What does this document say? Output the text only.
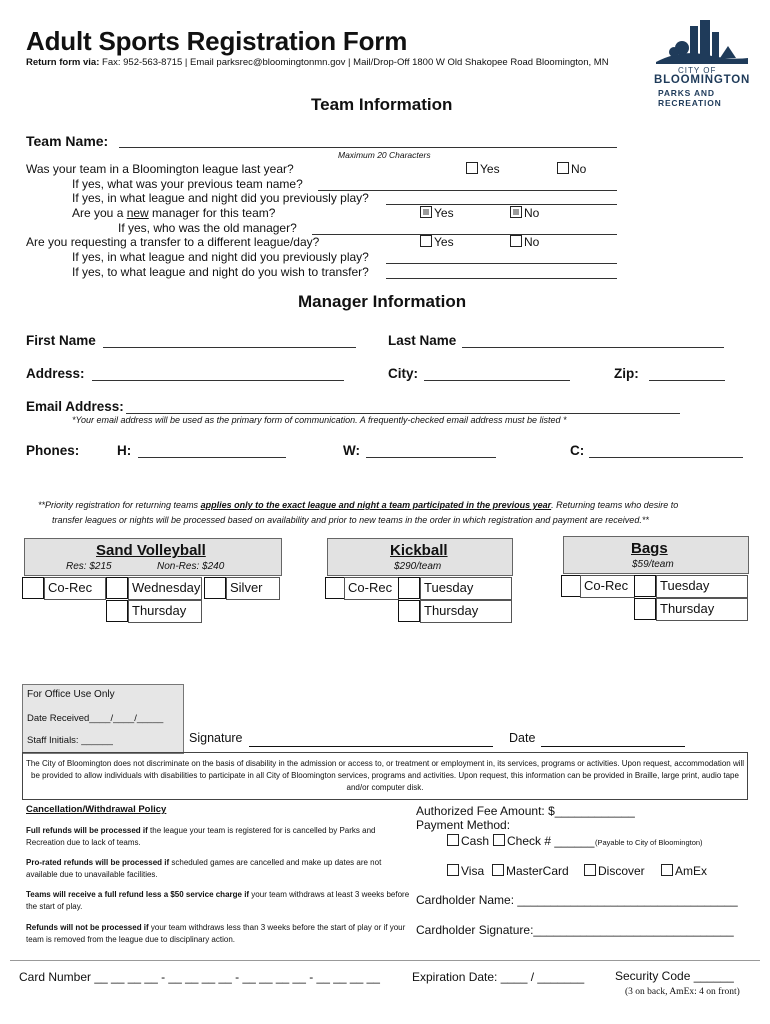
Adult Sports Registration Form
Return form via: Fax: 952-563-8715 | Email parksrec@bloomingtonmn.gov | Mail/Drop-Off 1800 W Old Shakopee Road Bloomington, MN
CITY OF
BLOOMINGTON
PARKS AND
RECREATION
Team Information
Team Name:
Maximum 20 Characters
Was your team in a Bloomington league last year?	Yes	No
If yes, what was your previous team name?
If yes, in what league and night did you previously play?
Are you a new manager for this team?	Yes	No
If yes, who was the old manager?
Are you requesting a transfer to a different league/day?	Yes	No
If yes, in what league and night did you previously play?
If yes, to what league and night do you wish to transfer?
Manager Information
First Name	Last Name
Address:	City:	Zip:
Email Address:
*Your email address will be used as the primary form of communication. A frequently-checked email address must be listed *
Phones:	H:	W:	C:
**Priority registration for returning teams applies only to the exact league and night a team participated in the previous year. Returning teams who desire to
transfer leagues or nights will be processed based on availability and prior to new teams in the order in which registration and payment are received.**
Sand Volleyball
Res: $215	Non-Res: $240
Co-Rec	Wednesday	Silver
Thursday
Kickball
$290/team
Co-Rec	Tuesday
Thursday
Bags
$59/team
Co-Rec	Tuesday
Thursday
For Office Use Only
Date Received____/____/_____
Staff Initials: ______	Signature	Date
The City of Bloomington does not discriminate on the basis of disability in the admission or access to, or treatment or employment in, its services, programs or activities. Upon request, accommodation will be provided to allow individuals with disabilities to participate in all City of Bloomington services, programs and activities. Upon request, this information can be provided in Braille, large print, audio tape and/or computer disk.
Cancellation/Withdrawal Policy
Full refunds will be processed if the league your team is registered for is cancelled by Parks and Recreation due to lack of teams.
Pro-rated refunds will be processed if scheduled games are cancelled and make up dates are not available due to unavailable facilities.
Teams will receive a full refund less a $50 service charge if your team withdraws at least 3 weeks before the start of play.
Refunds will not be processed if your team withdraws less than 3 weeks before the start of play or if your team is removed from the league due to disciplinary action.
Authorized Fee Amount: $____________
Payment Method:
Cash Check # ______ (Payable to City of Bloomington)
Visa MasterCard Discover	AmEx
Cardholder Name: _________________________________
Cardholder Signature:______________________________
Card Number __ __ __ __ - __ __ __ __ - __ __ __ __ - __ __ __ __	Expiration Date: ____ / _______	Security Code ______
(3 on back, AmEx: 4 on front)
